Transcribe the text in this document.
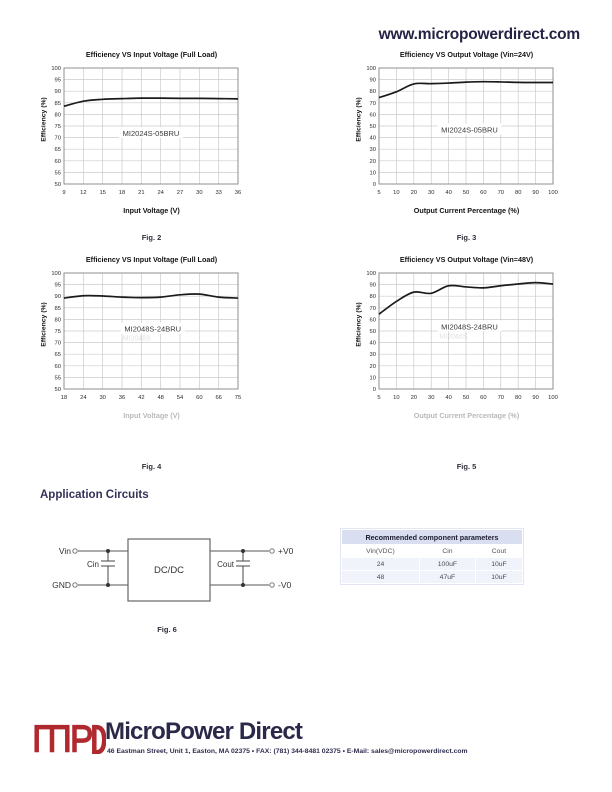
www.micropowerdirect.com
Efficiency VS Input Voltage (Full Load)
Efficiency (%)
9 12 15 18 21 24 27 30 33 36
100
95
90
85
80
75
70
65
60
55
50
MI2024S-05BRU
Input Voltage (V)
Fig. 2
Efficiency VS Output Voltage (Vin=24V)
Efficiency (%)
5 10 20 30 40 50 60 70 80 90 100
100
90
80
70
60
50
40
30
20
10
0
MI2024S-05BRU
Output Current Percentage (%)
Fig. 3
Efficiency VS Input Voltage (Full Load)
Efficiency (%)
18 24 30 36 42 48 54 60 66 75
100
95
90
85
80
75
70
65
60
55
50
MI2048S
MI2048S-24BRU
Input Voltage (V)
Fig. 4
Efficiency VS Output Voltage (Vin=48V)
Efficiency (%)
5 10 20 30 40 50 60 70 80 90 100
100
90
80
70
60
50
40
30
20
10
0
MI2048S
MI2048S-24BRU
Output Current Percentage (%)
Fig. 5
Application Circuits
DC/DC
Vin
GND
Cin	Cout
+V0
-V0
Fig. 6
Recommended component parameters		
Vin(VDC)	Cin	Cout
24	100uF	10uF
48	47uF	10uF
MicroPower Direct
46 Eastman Street, Unit 1, Easton, MA 02375 • FAX: (781) 344-8481 02375 • E-Mail: sales@micropowerdirect.com
